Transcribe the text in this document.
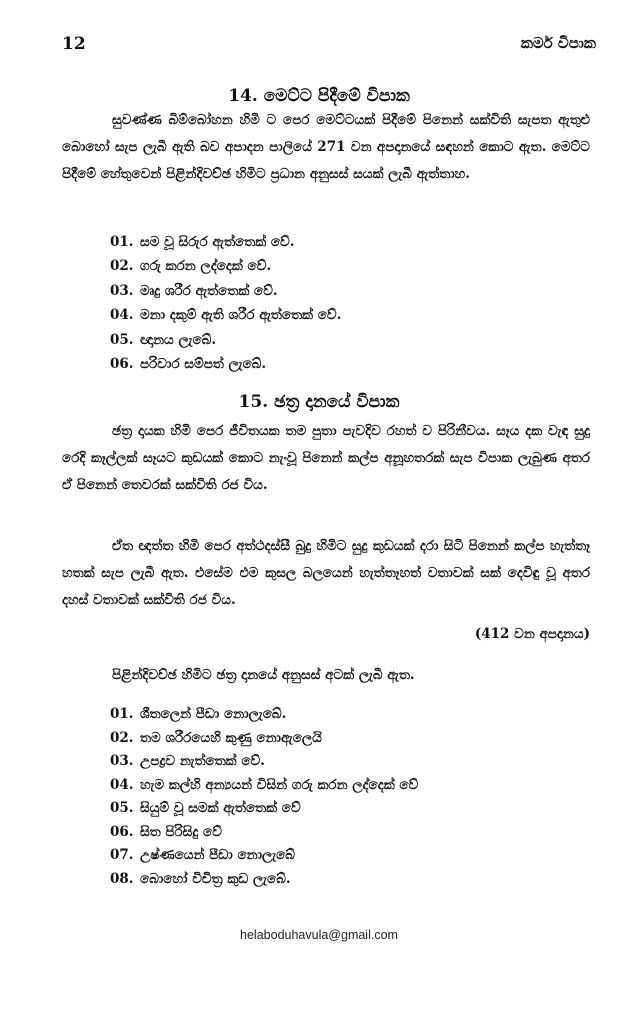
12	කර්ම විපාක
14. මෙට්ට පිදීමේ විපාක

සුවණ්ණ බිම්බෝහන හිමි ට පෙර මෙට්ටයක් පිදීමේ පිනෙන් සක්විති සැපත ඇතුළු බොහෝ සැප ලැබී ඇති බව අපාදන පාලියේ 271 වන අපදානයේ සඳහන් කොට ඇත. මෙට්ට පිදීමේ හේතුවෙන් පිළින්දිවච්ඡ හිමිට ප්‍රධාන අනුසස් සයක් ලැබී ඇත්තාහ.

01. සම වූ සිරුර ඇත්තෙක් වේ.
02. ගරු කරන ලද්දෙක් වේ.
03. මෘදු ශරීර ඇත්තෙක් වේ.
04. මනා දකුම් ඇති ශරීර ඇත්තෙක් වේ.
05. ඥානය ලැබේ.
06. පරිවාර සම්පත් ලැබේ.
15. ඡත්‍ර දානයේ විපාක

ඡත්‍ර දායක හිමි පෙර ජීවිතයක තම පුතා පැවදිව රහත් ව පිරිනීවය. සෑය දක වැඳ සුදු රෙදි කෑල්ලක් සෑයට කුඩයක් කොට නැංවූ පිනෙන් කල්ප අනූහතරක් සැප විපාක ලැබුණ අතර ඒ පිනෙන් තෙවරක් සක්විති රජ විය.

ඒත ඥත්ත හිමි පෙර අත්ථදස්සී බුදු හිමිට සුදු කුඩයක් දරා සිටි පිනෙන් කල්ප හැත්තෑ හතක් සැප ලැබී ඇත. එසේම එම කුසල බලයෙන් හැත්තෑහත් වතාවක් සක් දෙවිඳු වූ අතර දහස් වතාවක් සක්විති රජ විය.

(412 වන අපදානය)

පිළින්දිවච්ඡ හිමිට ඡත්‍ර දානයේ අනුසස් අටක් ලැබී ඇත.

01. ශීතලෙන් පීඩා නොලැබේ.
02. තම ශරීරයෙහි කුණු නොඇලෙයි
03. උපද්‍රව නැත්තෙක් වේ.
04. හැම කල්හි අන්‍යයන් විසින් ගරු කරන ලද්දෙක් වේ
05. සියුම් වූ සමක් ඇත්තෙක් වේ
06. සිත පිරිසිදු වේ
07. උෂ්ණයෙන් පීඩා නොලැබේ
08. බොහෝ විචිත්‍ර කුඩ ලැබේ.
helaboduhavula@gmail.com
